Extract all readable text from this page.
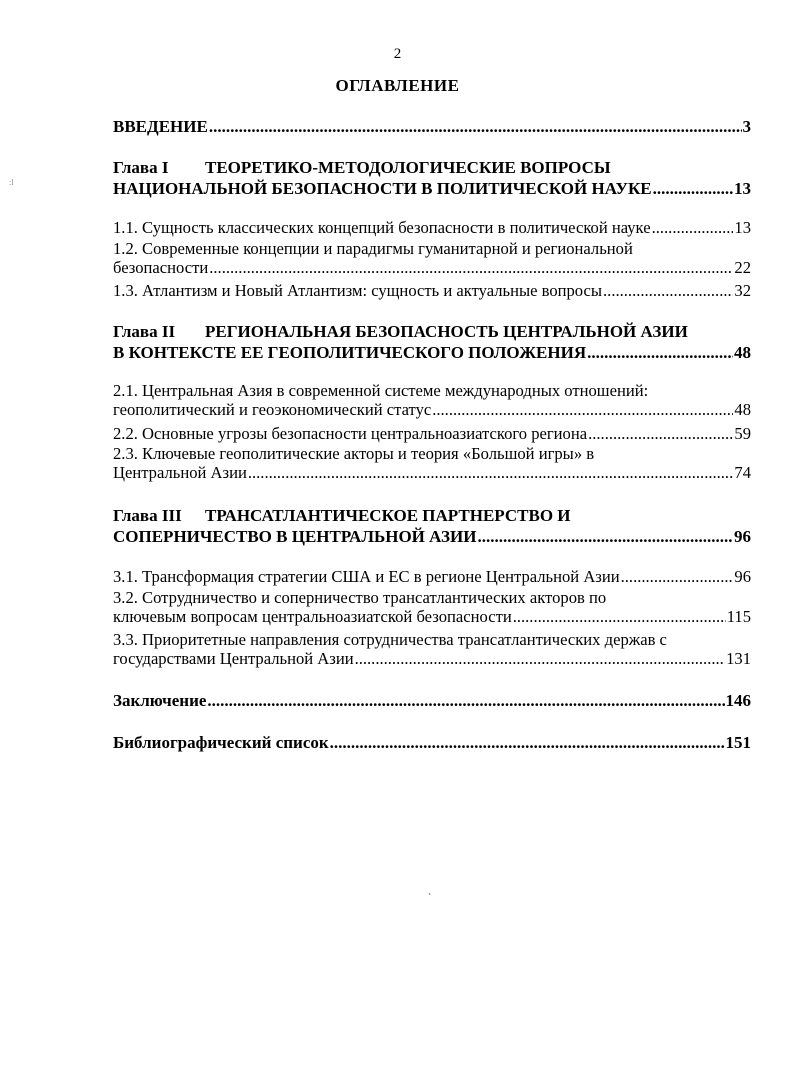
2
ОГЛАВЛЕНИЕ
:l
ВВЕДЕНИЕ .....	3
Глава I	ТЕОРЕТИКО-МЕТОДОЛОГИЧЕСКИЕ ВОПРОСЫ
НАЦИОНАЛЬНОЙ БЕЗОПАСНОСТИ В ПОЛИТИЧЕСКОЙ НАУКЕ .....	13
1.1. Сущность классических концепций безопасности в политической науке .....	13
1.2. Современные концепции и парадигмы гуманитарной и региональной
безопасности .....	22
1.3. Атлантизм и Новый Атлантизм: сущность и актуальные вопросы .....	32
Глава II	РЕГИОНАЛЬНАЯ БЕЗОПАСНОСТЬ ЦЕНТРАЛЬНОЙ АЗИИ
В КОНТЕКСТЕ ЕЕ ГЕОПОЛИТИЧЕСКОГО ПОЛОЖЕНИЯ .....	48
2.1. Центральная Азия в современной системе международных отношений:
геополитический и геоэкономический статус .....	48
2.2. Основные угрозы безопасности центральноазиатского региона .....	59
2.3. Ключевые геополитические акторы и теория «Большой игры» в
Центральной Азии .....	74
Глава III	ТРАНСАТЛАНТИЧЕСКОЕ ПАРТНЕРСТВО И
СОПЕРНИЧЕСТВО В ЦЕНТРАЛЬНОЙ АЗИИ .....	96
3.1. Трансформация стратегии США и ЕС в регионе Центральной Азии .....	96
3.2. Сотрудничество и соперничество трансатлантических акторов по
ключевым вопросам центральноазиатской безопасности .....	115
3.3. Приоритетные направления сотрудничества трансатлантических держав с
государствами Центральной Азии .....	131
Заключение .....	146
Библиографический список .....	151
`
